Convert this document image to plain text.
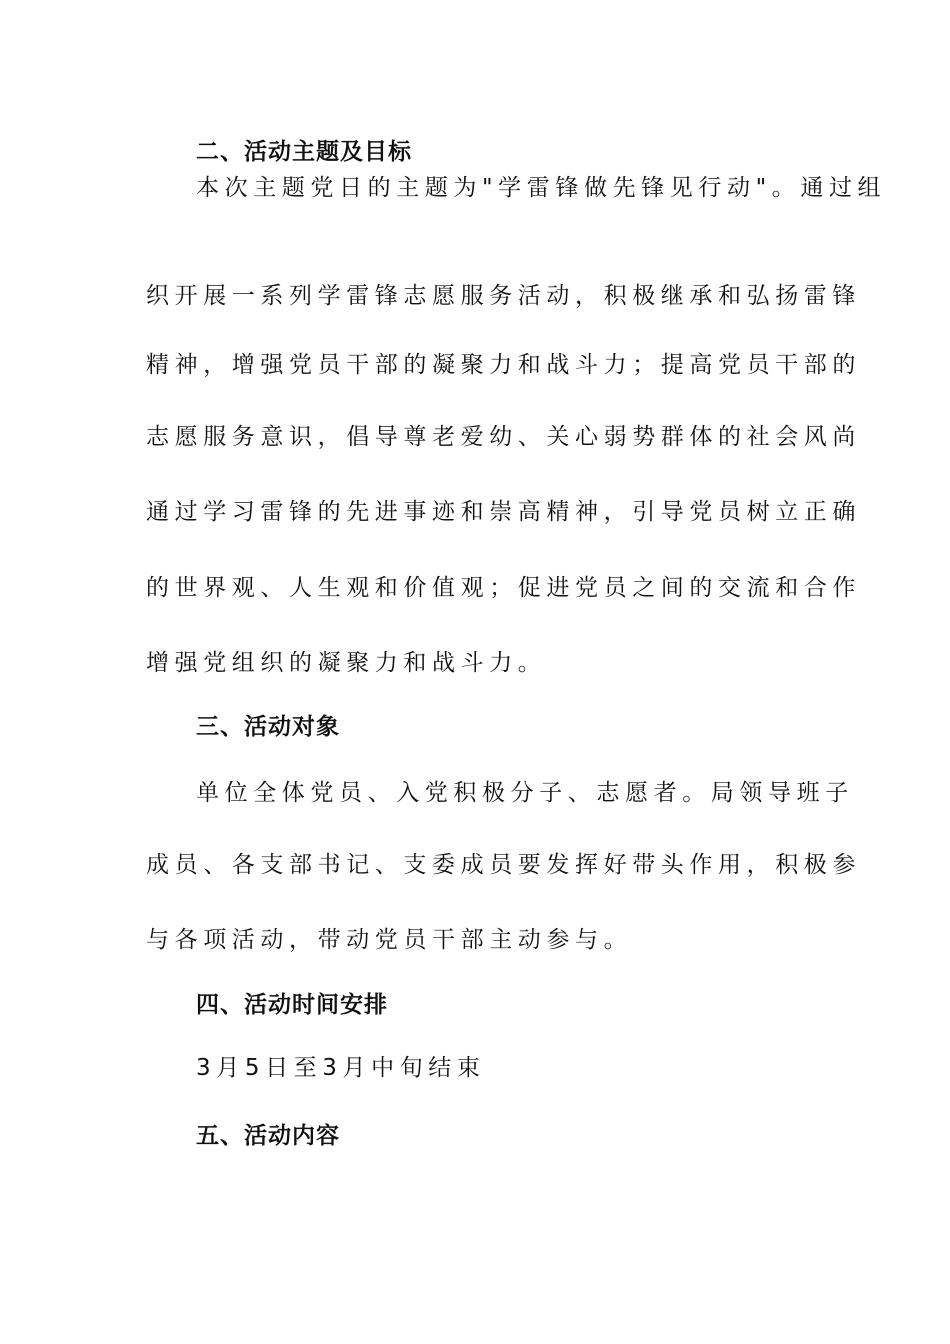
二、活动主题及目标
本次主题党日的主题为"学雷锋做先锋见行动"。通过组
织开展一系列学雷锋志愿服务活动，积极继承和弘扬雷锋
精神，增强党员干部的凝聚力和战斗力；提高党员干部的
志愿服务意识，倡导尊老爱幼、关心弱势群体的社会风尚
通过学习雷锋的先进事迹和崇高精神，引导党员树立正确
的世界观、人生观和价值观；促进党员之间的交流和合作
增强党组织的凝聚力和战斗力。
三、活动对象
单位全体党员、入党积极分子、志愿者。局领导班子
成员、各支部书记、支委成员要发挥好带头作用，积极参
与各项活动，带动党员干部主动参与。
四、活动时间安排
3月5日至3月中旬结束
五、活动内容
